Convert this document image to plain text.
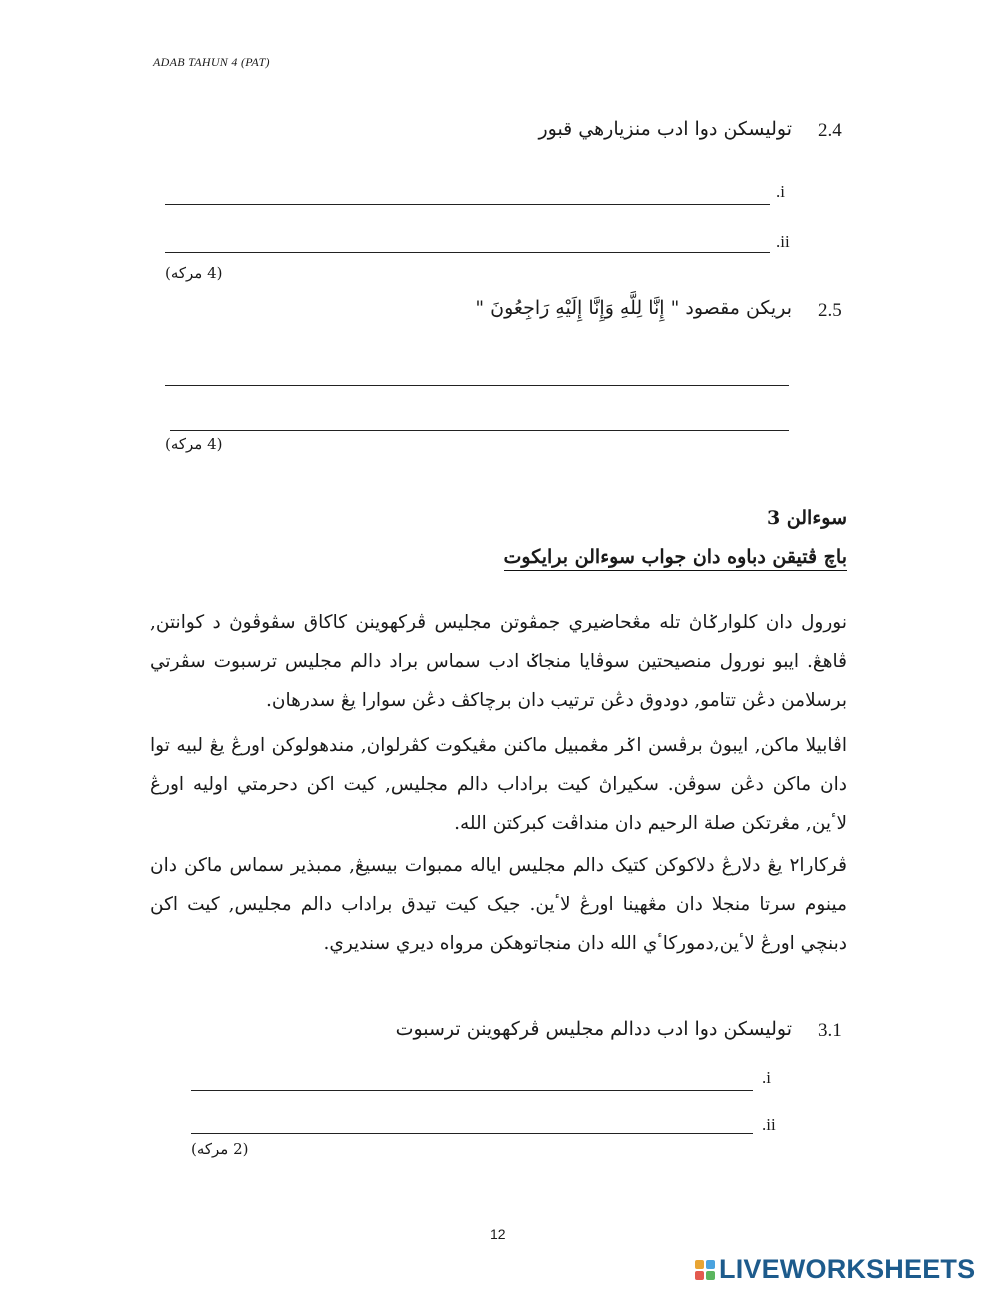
ADAB TAHUN 4 (PAT)
2.4
توليسکن دوا ادب منزيارهي قبور
.i
.ii
(4 مرکه)
2.5
بريکن مقصود " إِنَّا لِلَّهِ وَإِنَّا إِلَيْهِ رَاجِعُونَ "
(4 مرکه)
سوءالن 3
باچ ڤتيقن دباوه دان جواب سوءالن برايکوت
نورول دان کلوارݢاڽ تله مڠحاضيري جمڤوتن مجليس ڤرکهوينن کاکاق سڤوڤوڽ د کوانتن, ڤاهڠ. ايبو نورول منصيحتين سوڤايا منجاݢ ادب سماس براد دالم مجليس ترسبوت سڤرتي برسلامن دڠن تتامو, دودوق دڠن ترتيب دان برچاکڤ دڠن سوارا يڠ سدرهان.
اڤابيلا ماکن, ايبوڽ برڤسن اݢر مڠمبيل ماکنن مڠيکوت کڤرلوان, مندهولوکن اورڠ يڠ لبيه توا دان ماکن دڠن سوڤن. سکيراڽ کيت براداب دالم مجليس, کيت اکن دحرمتي اوليه اورڠ لاٴين, مڠرتکن صلة الرحيم دان منداڤت کبرکتن الله.
ڤرکارا٢ يڠ دلارڠ دلاکوکن کتيک دالم مجليس اياله ممبوات بيسيڠ, ممبذير سماس ماکن دان مينوم سرتا منجلا دان مڠهينا اورڠ لاٴين. جيک کيت تيدق براداب دالم مجليس, کيت اکن دبنچي اورڠ لاٴين,دموركاٴي الله دان منجاتوهکن مرواه ديري سنديري.
3.1
توليسکن دوا ادب ددالم مجليس ڤرکهوينن ترسبوت
.i
.ii
(2 مرکه)
12
LIVEWORKSHEETS
